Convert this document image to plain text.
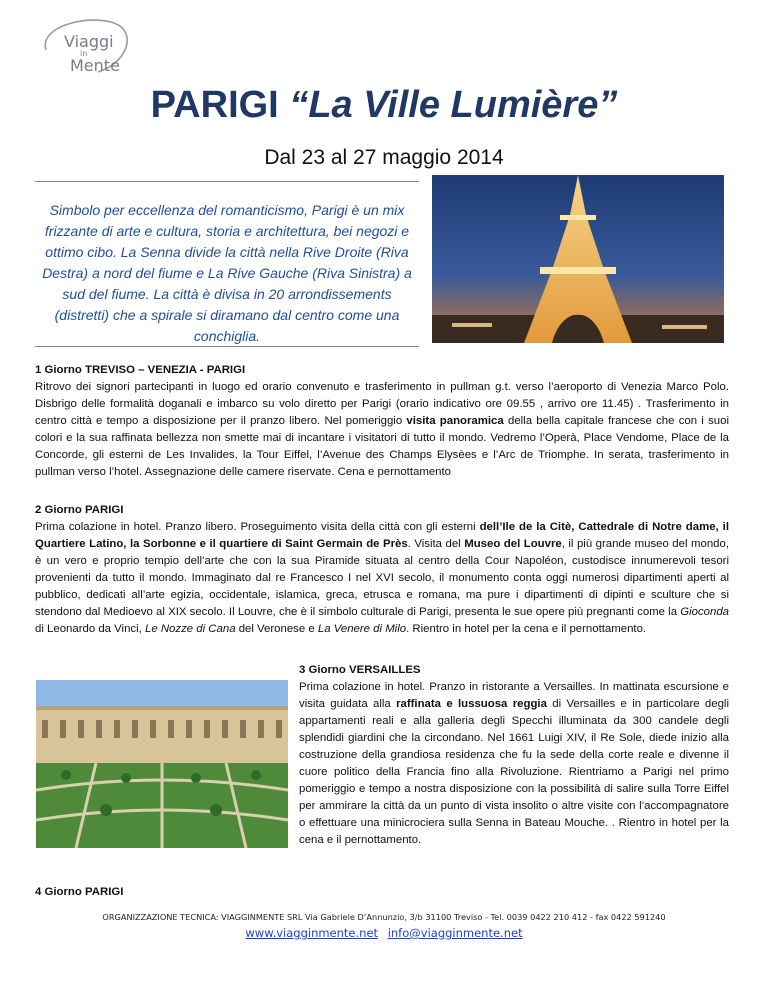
Viaggi
in
Mente
PARIGI “La Ville Lumière”
Dal 23 al 27 maggio 2014
Simbolo per eccellenza del romanticismo, Parigi è un mix frizzante di arte e cultura, storia e architettura, bei negozi e ottimo cibo. La Senna divide la città nella Rive Droite (Riva Destra) a nord del fiume e La Rive Gauche (Riva Sinistra) a sud del fiume. La città è divisa in 20 arrondissements (distretti) che a spirale si diramano dal centro come una conchiglia.
1 Giorno TREVISO – VENEZIA - PARIGI
Ritrovo dei signori partecipanti in luogo ed orario convenuto e trasferimento in pullman g.t. verso l’aeroporto di Venezia Marco Polo. Disbrigo delle formalità doganali e imbarco su volo diretto per Parigi (orario indicativo ore 09.55 , arrivo ore 11.45) . Trasferimento in centro città e tempo a disposizione per il pranzo libero. Nel pomeriggio visita panoramica della bella capitale francese che con i suoi colori e la sua raffinata bellezza non smette mai di incantare i visitatori di tutto il mondo. Vedremo l’Operà, Place Vendome, Place de la Concorde, gli esterni de Les Invalides, la Tour Eiffel, l’Avenue des Champs Elysèes e l’Arc de Triomphe. In serata, trasferimento in pullman verso l’hotel. Assegnazione delle camere riservate. Cena e pernottamento
2 Giorno PARIGI
Prima colazione in hotel. Pranzo libero. Proseguimento visita della città con gli esterni dell’Ile de la Citè, Cattedrale di Notre dame, il Quartiere Latino, la Sorbonne e il quartiere di Saint Germain de Près. Visita del Museo del Louvre, il più grande museo del mondo, è un vero e proprio tempio dell’arte che con la sua Piramide situata al centro della Cour Napoléon, custodisce innumerevoli tesori provenienti da tutto il mondo. Immaginato dal re Francesco I nel XVI secolo, il monumento conta oggi numerosi dipartimenti aperti al pubblico, dedicati all’arte egizia, occidentale, islamica, greca, etrusca e romana, ma pure i dipartimenti di dipinti e sculture che si stendono dal Medioevo al XIX secolo. Il Louvre, che è il simbolo culturale di Parigi, presenta le sue opere più pregnanti come la Gioconda di Leonardo da Vinci, Le Nozze di Cana del Veronese e La Venere di Milo. Rientro in hotel per la cena e il pernottamento.
3 Giorno VERSAILLES
Prima colazione in hotel. Pranzo in ristorante a Versailles. In mattinata escursione e visita guidata alla raffinata e lussuosa reggia di Versailles e in particolare degli appartamenti reali e alla galleria degli Specchi illuminata da 300 candele degli splendidi giardini che la circondano. Nel 1661 Luigi XIV, il Re Sole, diede inizio alla costruzione della grandiosa residenza che fu la sede della corte reale e divenne il cuore politico della Francia fino alla Rivoluzione. Rientriamo a Parigi nel primo pomeriggio e tempo a nostra disposizione con la possibilità di salire sulla Torre Eiffel per ammirare la città da un punto di vista insolito o altre visite con l’accompagnatore o effettuare una minicrociera sulla Senna in Bateau Mouche. . Rientro in hotel per la cena e il pernottamento.
4 Giorno PARIGI
ORGANIZZAZIONE TECNICA: VIAGGINMENTE SRL Via Gabriele D’Annunzio, 3/b 31100 Treviso - Tel. 0039 0422 210 412 - fax 0422 591240
www.viagginmente.net info@viagginmente.net
